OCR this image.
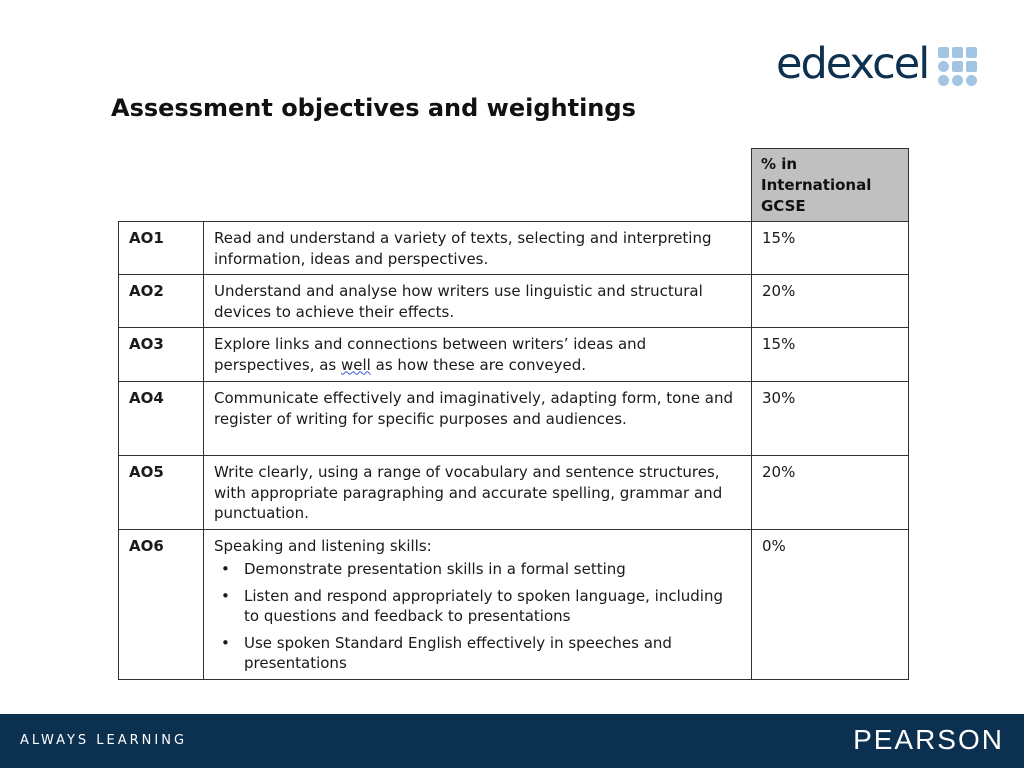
edexcel
Assessment objectives and weightings
% in International GCSE
AO1	Read and understand a variety of texts, selecting and interpreting information, ideas and perspectives.	15%
AO2	Understand and analyse how writers use linguistic and structural devices to achieve their effects.	20%
AO3	Explore links and connections between writers’ ideas and perspectives, as well as how these are conveyed.	15%
AO4	Communicate effectively and imaginatively, adapting form, tone and register of writing for specific purposes and audiences.	30%
AO5	Write clearly, using a range of vocabulary and sentence structures, with appropriate paragraphing and accurate spelling, grammar and punctuation.	20%
AO6	Speaking and listening skills:
• Demonstrate presentation skills in a formal setting
• Listen and respond appropriately to spoken language, including to questions and feedback to presentations
• Use spoken Standard English effectively in speeches and presentations
	0%
ALWAYS LEARNING	PEARSON
